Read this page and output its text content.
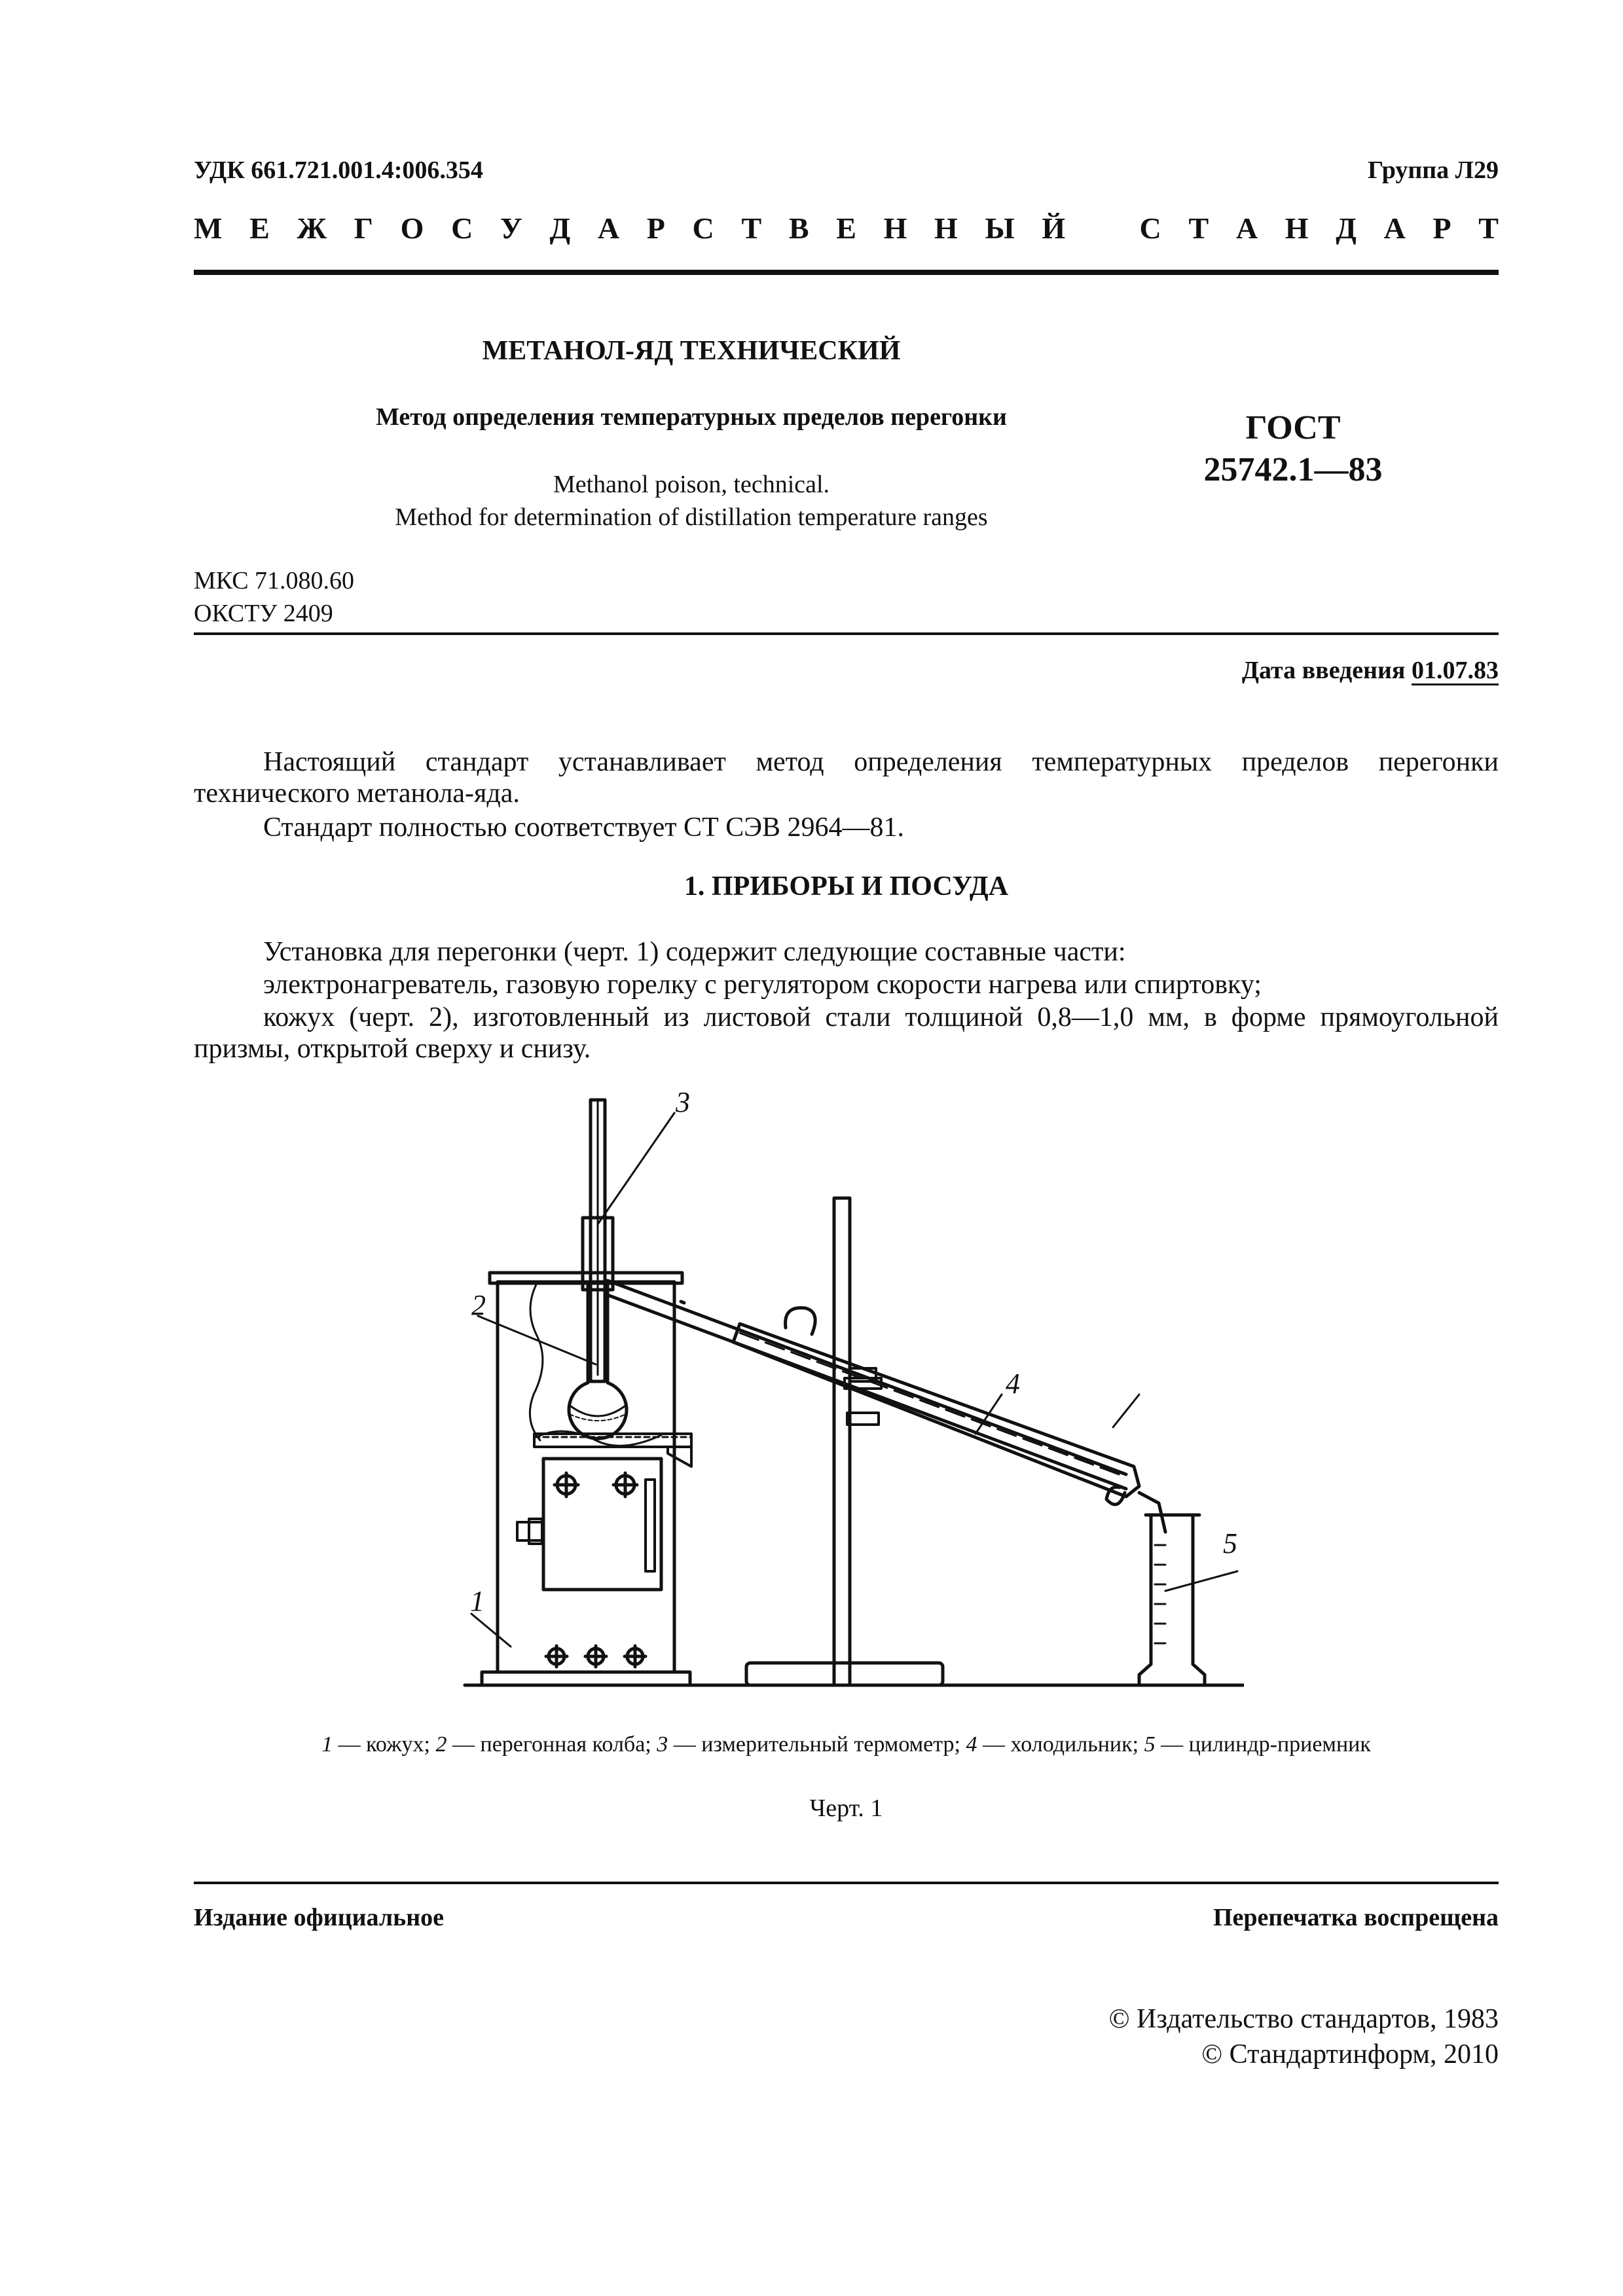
УДК 661.721.001.4:006.354	Группа Л29
М Е Ж Г О С У Д А Р С Т В Е Н Н Ы Й С Т А Н Д А Р Т
МЕТАНОЛ-ЯД ТЕХНИЧЕСКИЙ
Метод определения температурных пределов перегонки
Methanol poison, technical.
Method for determination of distillation temperature ranges
ГОСТ
25742.1—83
МКС 71.080.60
ОКСТУ 2409
Дата введения 01.07.83
Настоящий стандарт устанавливает метод определения температурных пределов перегонки технического метанола-яда.
Стандарт полностью соответствует СТ СЭВ 2964—81.
1. ПРИБОРЫ И ПОСУДА
Установка для перегонки (черт. 1) содержит следующие составные части:
электронагреватель, газовую горелку с регулятором скорости нагрева или спиртовку;
кожух (черт. 2), изготовленный из листовой стали толщиной 0,8—1,0 мм, в форме прямоугольной призмы, открытой сверху и снизу.
1
2
3
4
5
1 — кожух; 2 — перегонная колба; 3 — измерительный термометр; 4 — холодильник; 5 — цилиндр-приемник
Черт. 1
Издание официальное	Перепечатка воспрещена
© Издательство стандартов, 1983
© Стандартинформ, 2010
